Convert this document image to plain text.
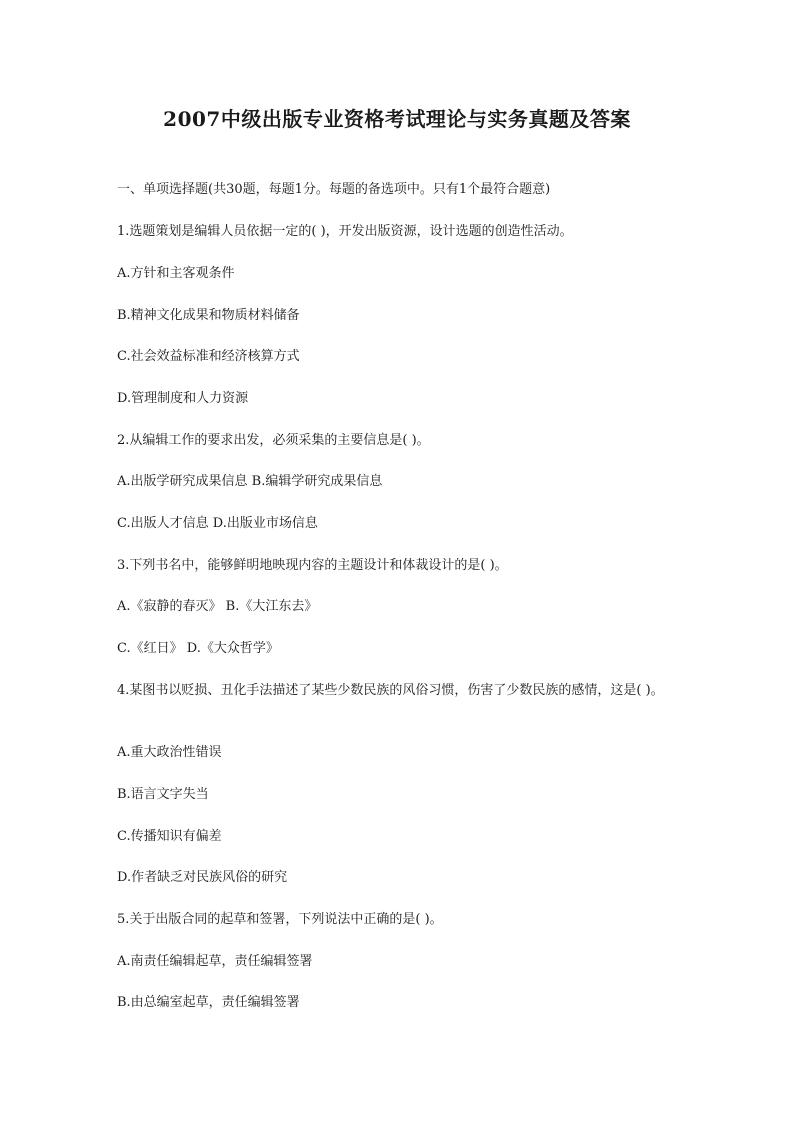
2007中级出版专业资格考试理论与实务真题及答案

一、单项选择题(共30题，每题1分。每题的备选项中。只有1个最符合题意)

1.选题策划是编辑人员依据一定的( )，开发出版资源，设计选题的创造性活动。

A.方针和主客观条件

B.精神文化成果和物质材料储备

C.社会效益标准和经济核算方式

D.管理制度和人力资源

2.从编辑工作的要求出发，必须采集的主要信息是( )。

A.出版学研究成果信息 B.编辑学研究成果信息

C.出版人才信息 D.出版业市场信息

3.下列书名中，能够鲜明地映现内容的主题设计和体裁设计的是( )。

A.《寂静的春灭》 B.《大江东去》

C.《红日》 D.《大众哲学》

4.某图书以贬损、丑化手法描述了某些少数民族的风俗习惯，伤害了少数民族的感情，这是( )。

A.重大政治性错误

B.语言文字失当

C.传播知识有偏差

D.作者缺乏对民族风俗的研究

5.关于出版合同的起草和签署，下列说法中正确的是( )。

A.南责任编辑起草，责任编辑签署

B.由总编室起草，责任编辑签署
